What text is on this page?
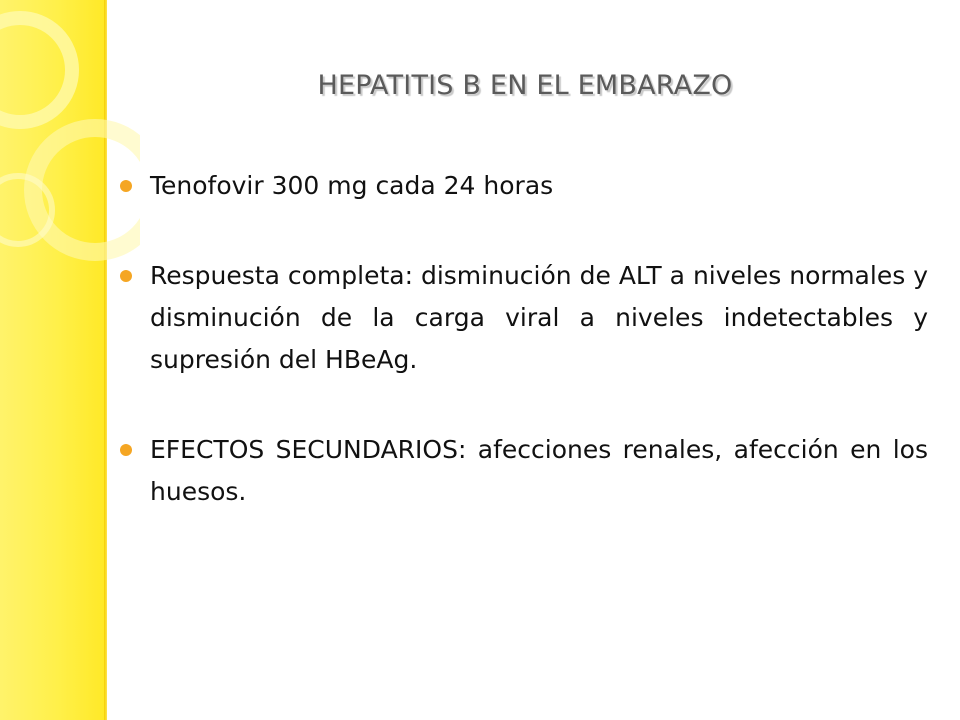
HEPATITIS B EN EL EMBARAZO
Tenofovir 300 mg cada 24 horas
Respuesta completa: disminución de ALT a niveles normales y disminución de la carga viral a niveles indetectables y supresión del HBeAg.
EFECTOS SECUNDARIOS: afecciones renales, afección en los huesos.
